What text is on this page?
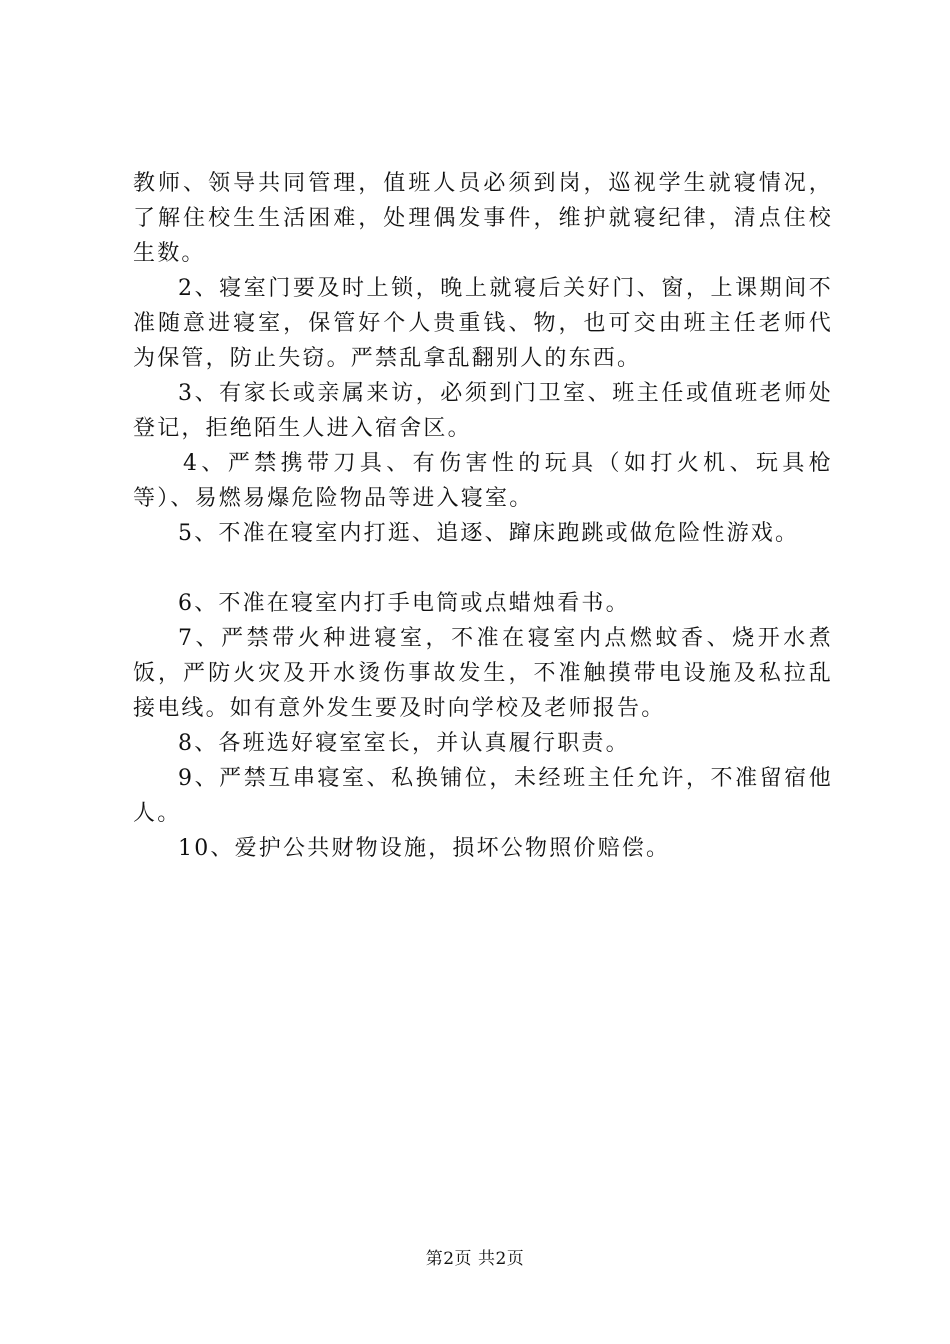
教师、领导共同管理，值班人员必须到岗，巡视学生就寝情况，了解住校生生活困难，处理偶发事件，维护就寝纪律，清点住校生数。

2、寝室门要及时上锁，晚上就寝后关好门、窗，上课期间不准随意进寝室，保管好个人贵重钱、物，也可交由班主任老师代为保管，防止失窃。严禁乱拿乱翻别人的东西。

3、有家长或亲属来访，必须到门卫室、班主任或值班老师处登记，拒绝陌生人进入宿舍区。

4、严禁携带刀具、有伤害性的玩具（如打火机、玩具枪等）、易燃易爆危险物品等进入寝室。

5、不准在寝室内打逛、追逐、蹿床跑跳或做危险性游戏。

6、不准在寝室内打手电筒或点蜡烛看书。

7、严禁带火种进寝室，不准在寝室内点燃蚊香、烧开水煮饭，严防火灾及开水烫伤事故发生，不准触摸带电设施及私拉乱接电线。如有意外发生要及时向学校及老师报告。

8、各班选好寝室室长，并认真履行职责。

9、严禁互串寝室、私换铺位，未经班主任允许，不准留宿他人。

10、爱护公共财物设施，损坏公物照价赔偿。

第2页 共2页
